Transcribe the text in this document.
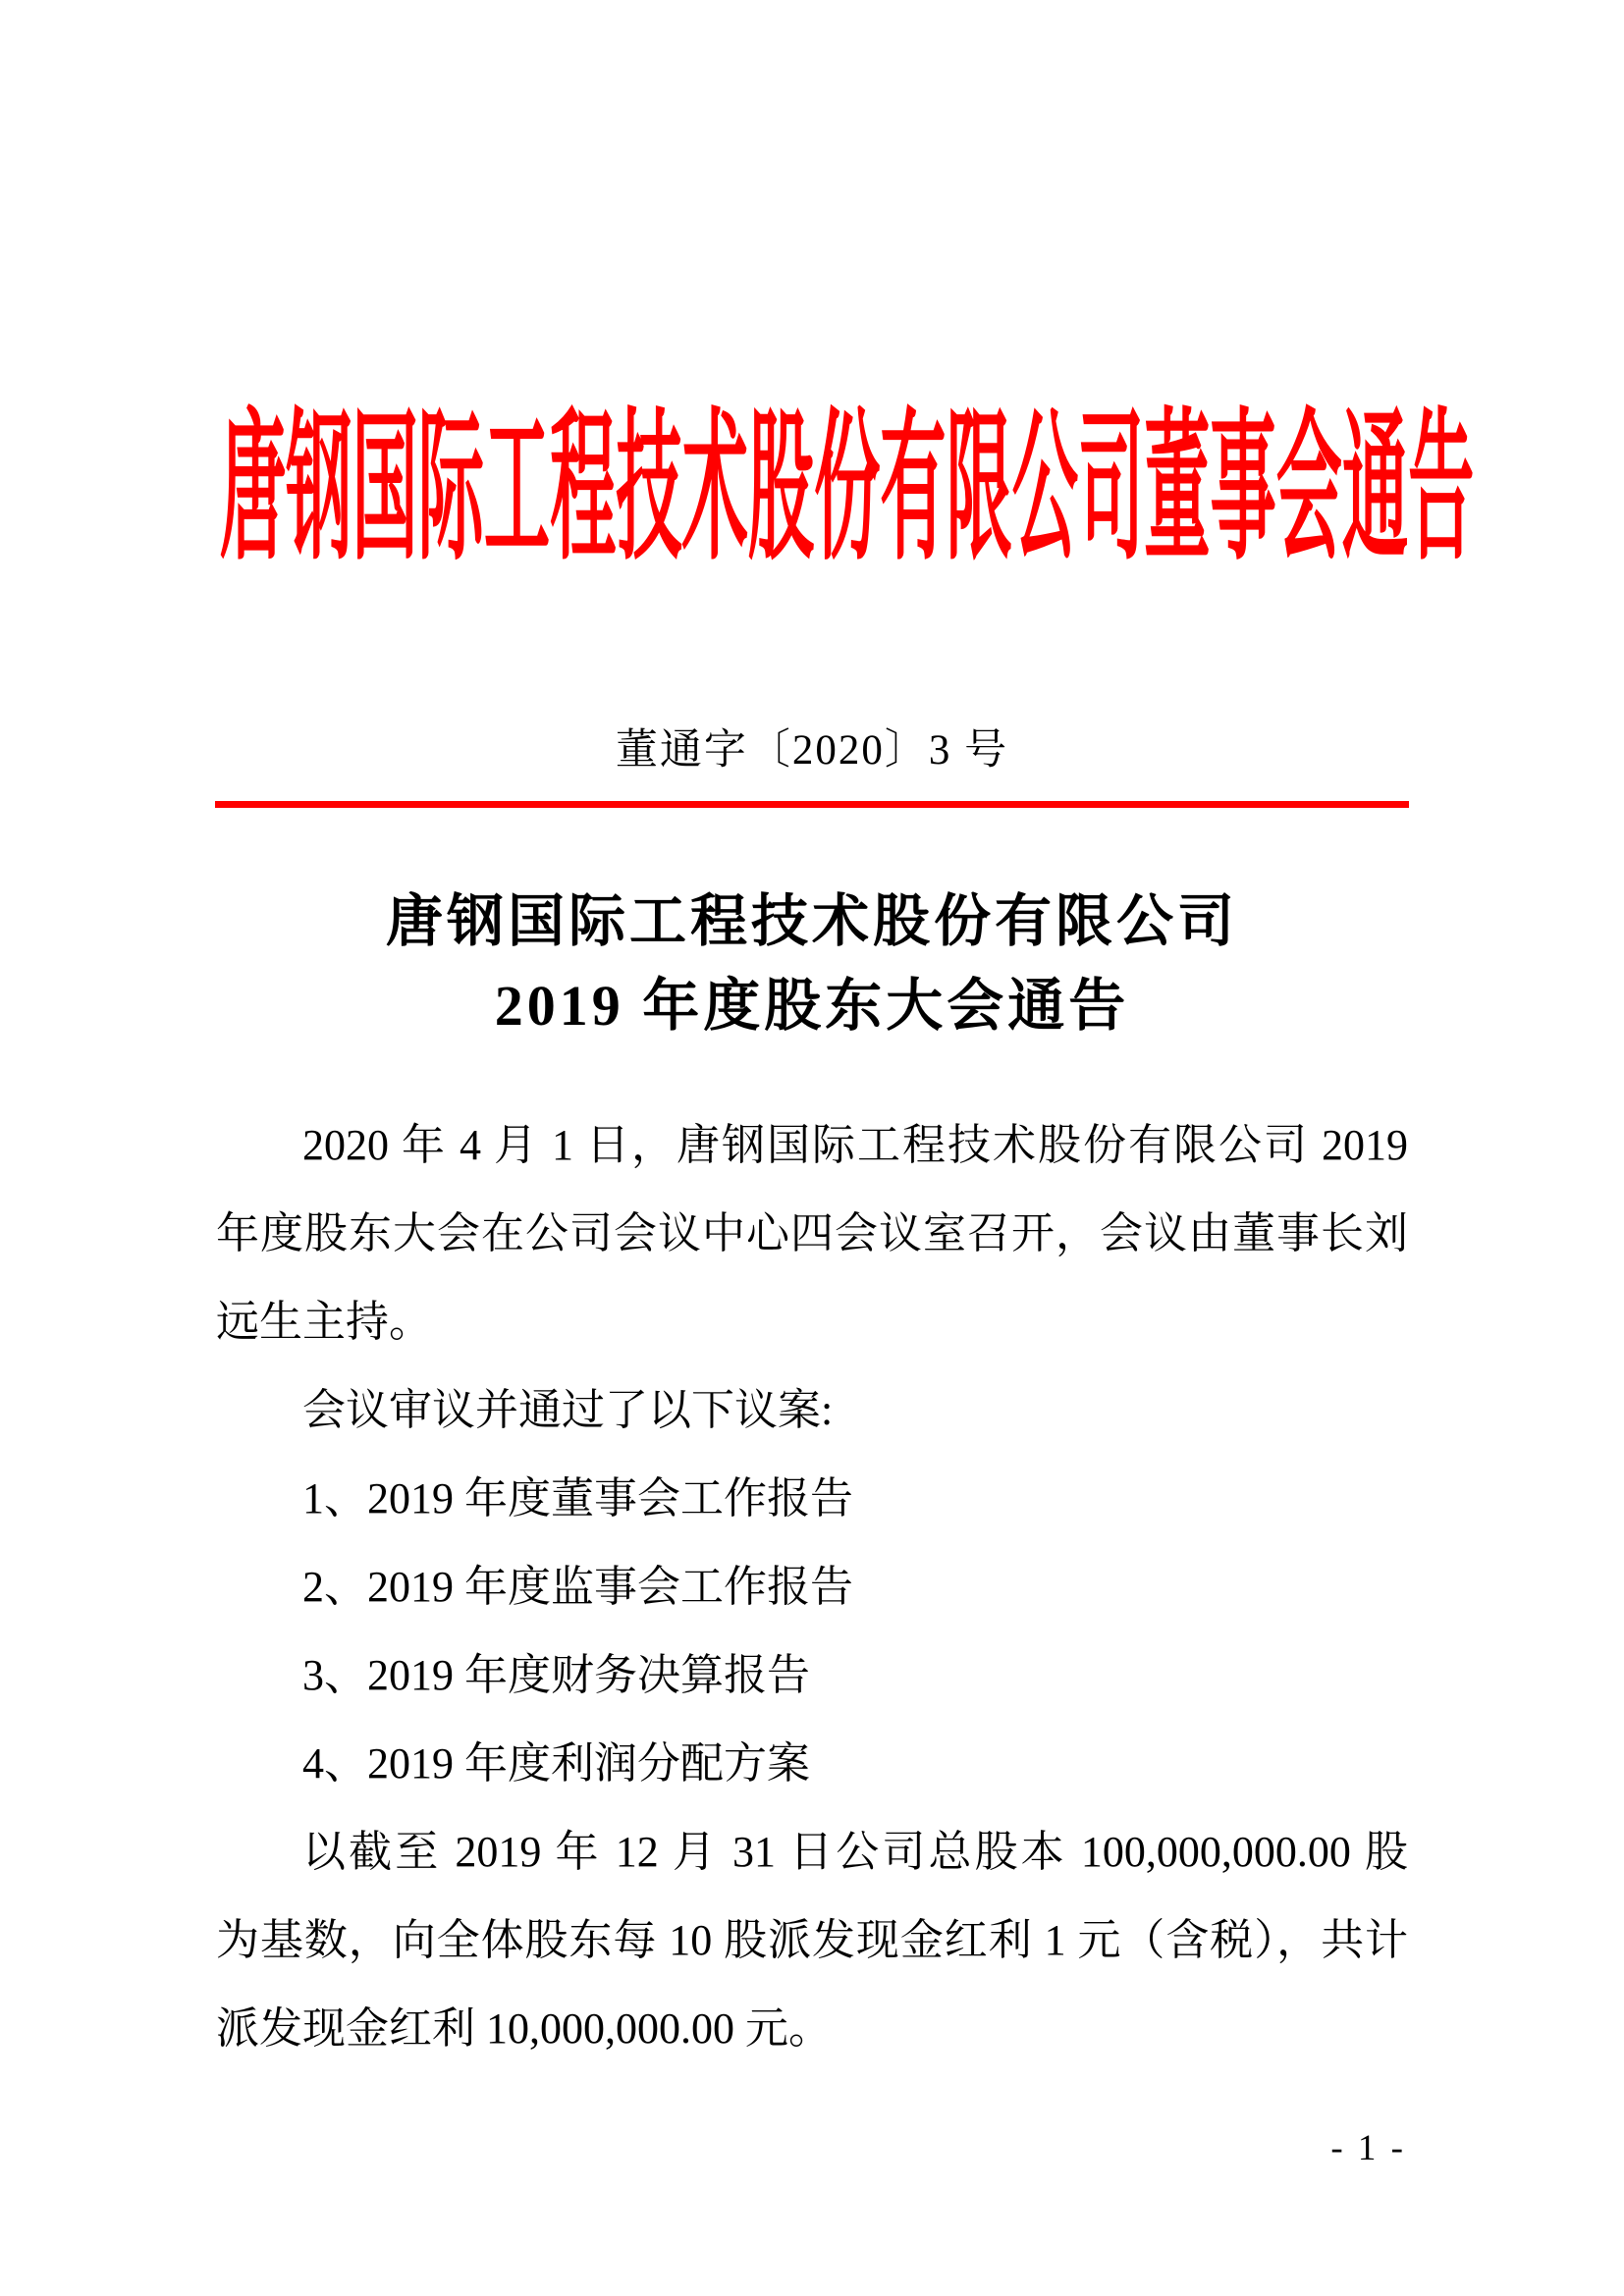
唐钢国际工程技术股份有限公司董事会通告
董通字〔2020〕3 号
唐钢国际工程技术股份有限公司
2019 年度股东大会通告
2020 年 4 月 1 日，唐钢国际工程技术股份有限公司 2019
年度股东大会在公司会议中心四会议室召开，会议由董事长刘
远生主持。
会议审议并通过了以下议案:
1、2019 年度董事会工作报告
2、2019 年度监事会工作报告
3、2019 年度财务决算报告
4、2019 年度利润分配方案
以截至 2019 年 12 月 31 日公司总股本 100,000,000.00 股
为基数，向全体股东每 10 股派发现金红利 1 元（含税），共计
派发现金红利 10,000,000.00 元。
- 1 -
